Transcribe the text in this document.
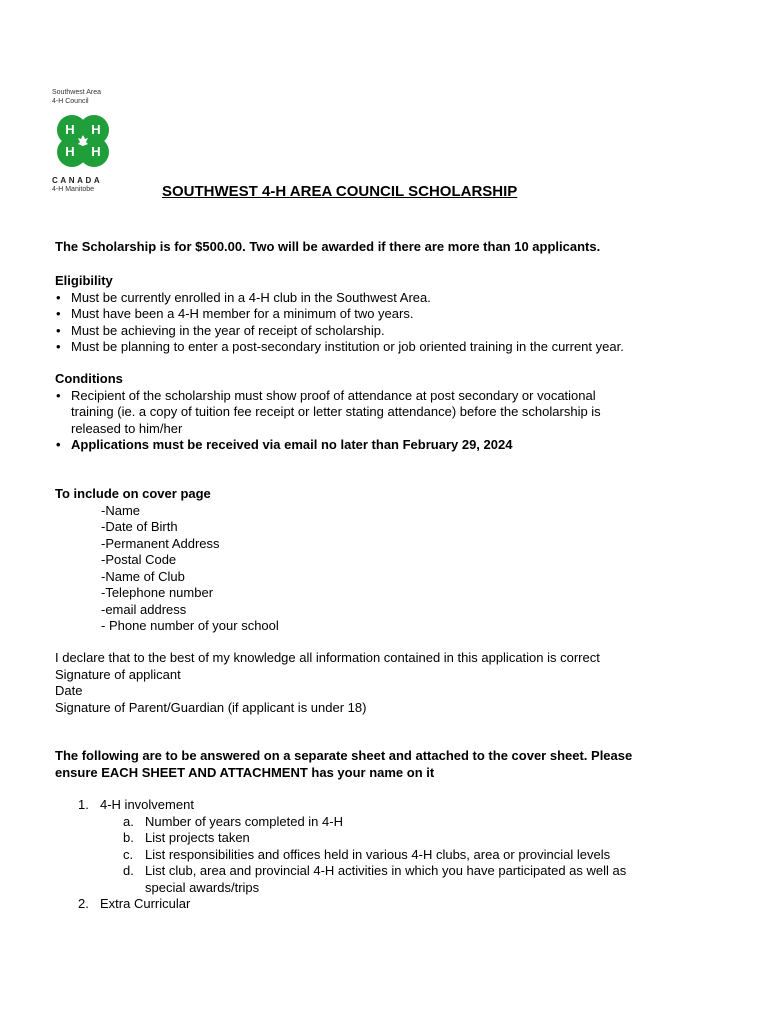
Southwest Area
4-H Council
H H
H H
CANADA
4-H Manitobe	SOUTHWEST 4-H AREA COUNCIL SCHOLARSHIP
The Scholarship is for $500.00. Two will be awarded if there are more than 10 applicants.
Eligibility
• Must be currently enrolled in a 4-H club in the Southwest Area.
• Must have been a 4-H member for a minimum of two years.
• Must be achieving in the year of receipt of scholarship.
• Must be planning to enter a post-secondary institution or job oriented training in the current year.
Conditions
• Recipient of the scholarship must show proof of attendance at post secondary or vocational
training (ie. a copy of tuition fee receipt or letter stating attendance) before the scholarship is
released to him/her
• Applications must be received via email no later than February 29, 2024
To include on cover page
-Name
-Date of Birth
-Permanent Address
-Postal Code
-Name of Club
-Telephone number
-email address
- Phone number of your school
I declare that to the best of my knowledge all information contained in this application is correct
Signature of applicant
Date
Signature of Parent/Guardian (if applicant is under 18)
The following are to be answered on a separate sheet and attached to the cover sheet. Please
ensure EACH SHEET AND ATTACHMENT has your name on it
1. 4-H involvement
a. Number of years completed in 4-H
b. List projects taken
c. List responsibilities and offices held in various 4-H clubs, area or provincial levels
d. List club, area and provincial 4-H activities in which you have participated as well as
special awards/trips
2. Extra Curricular
